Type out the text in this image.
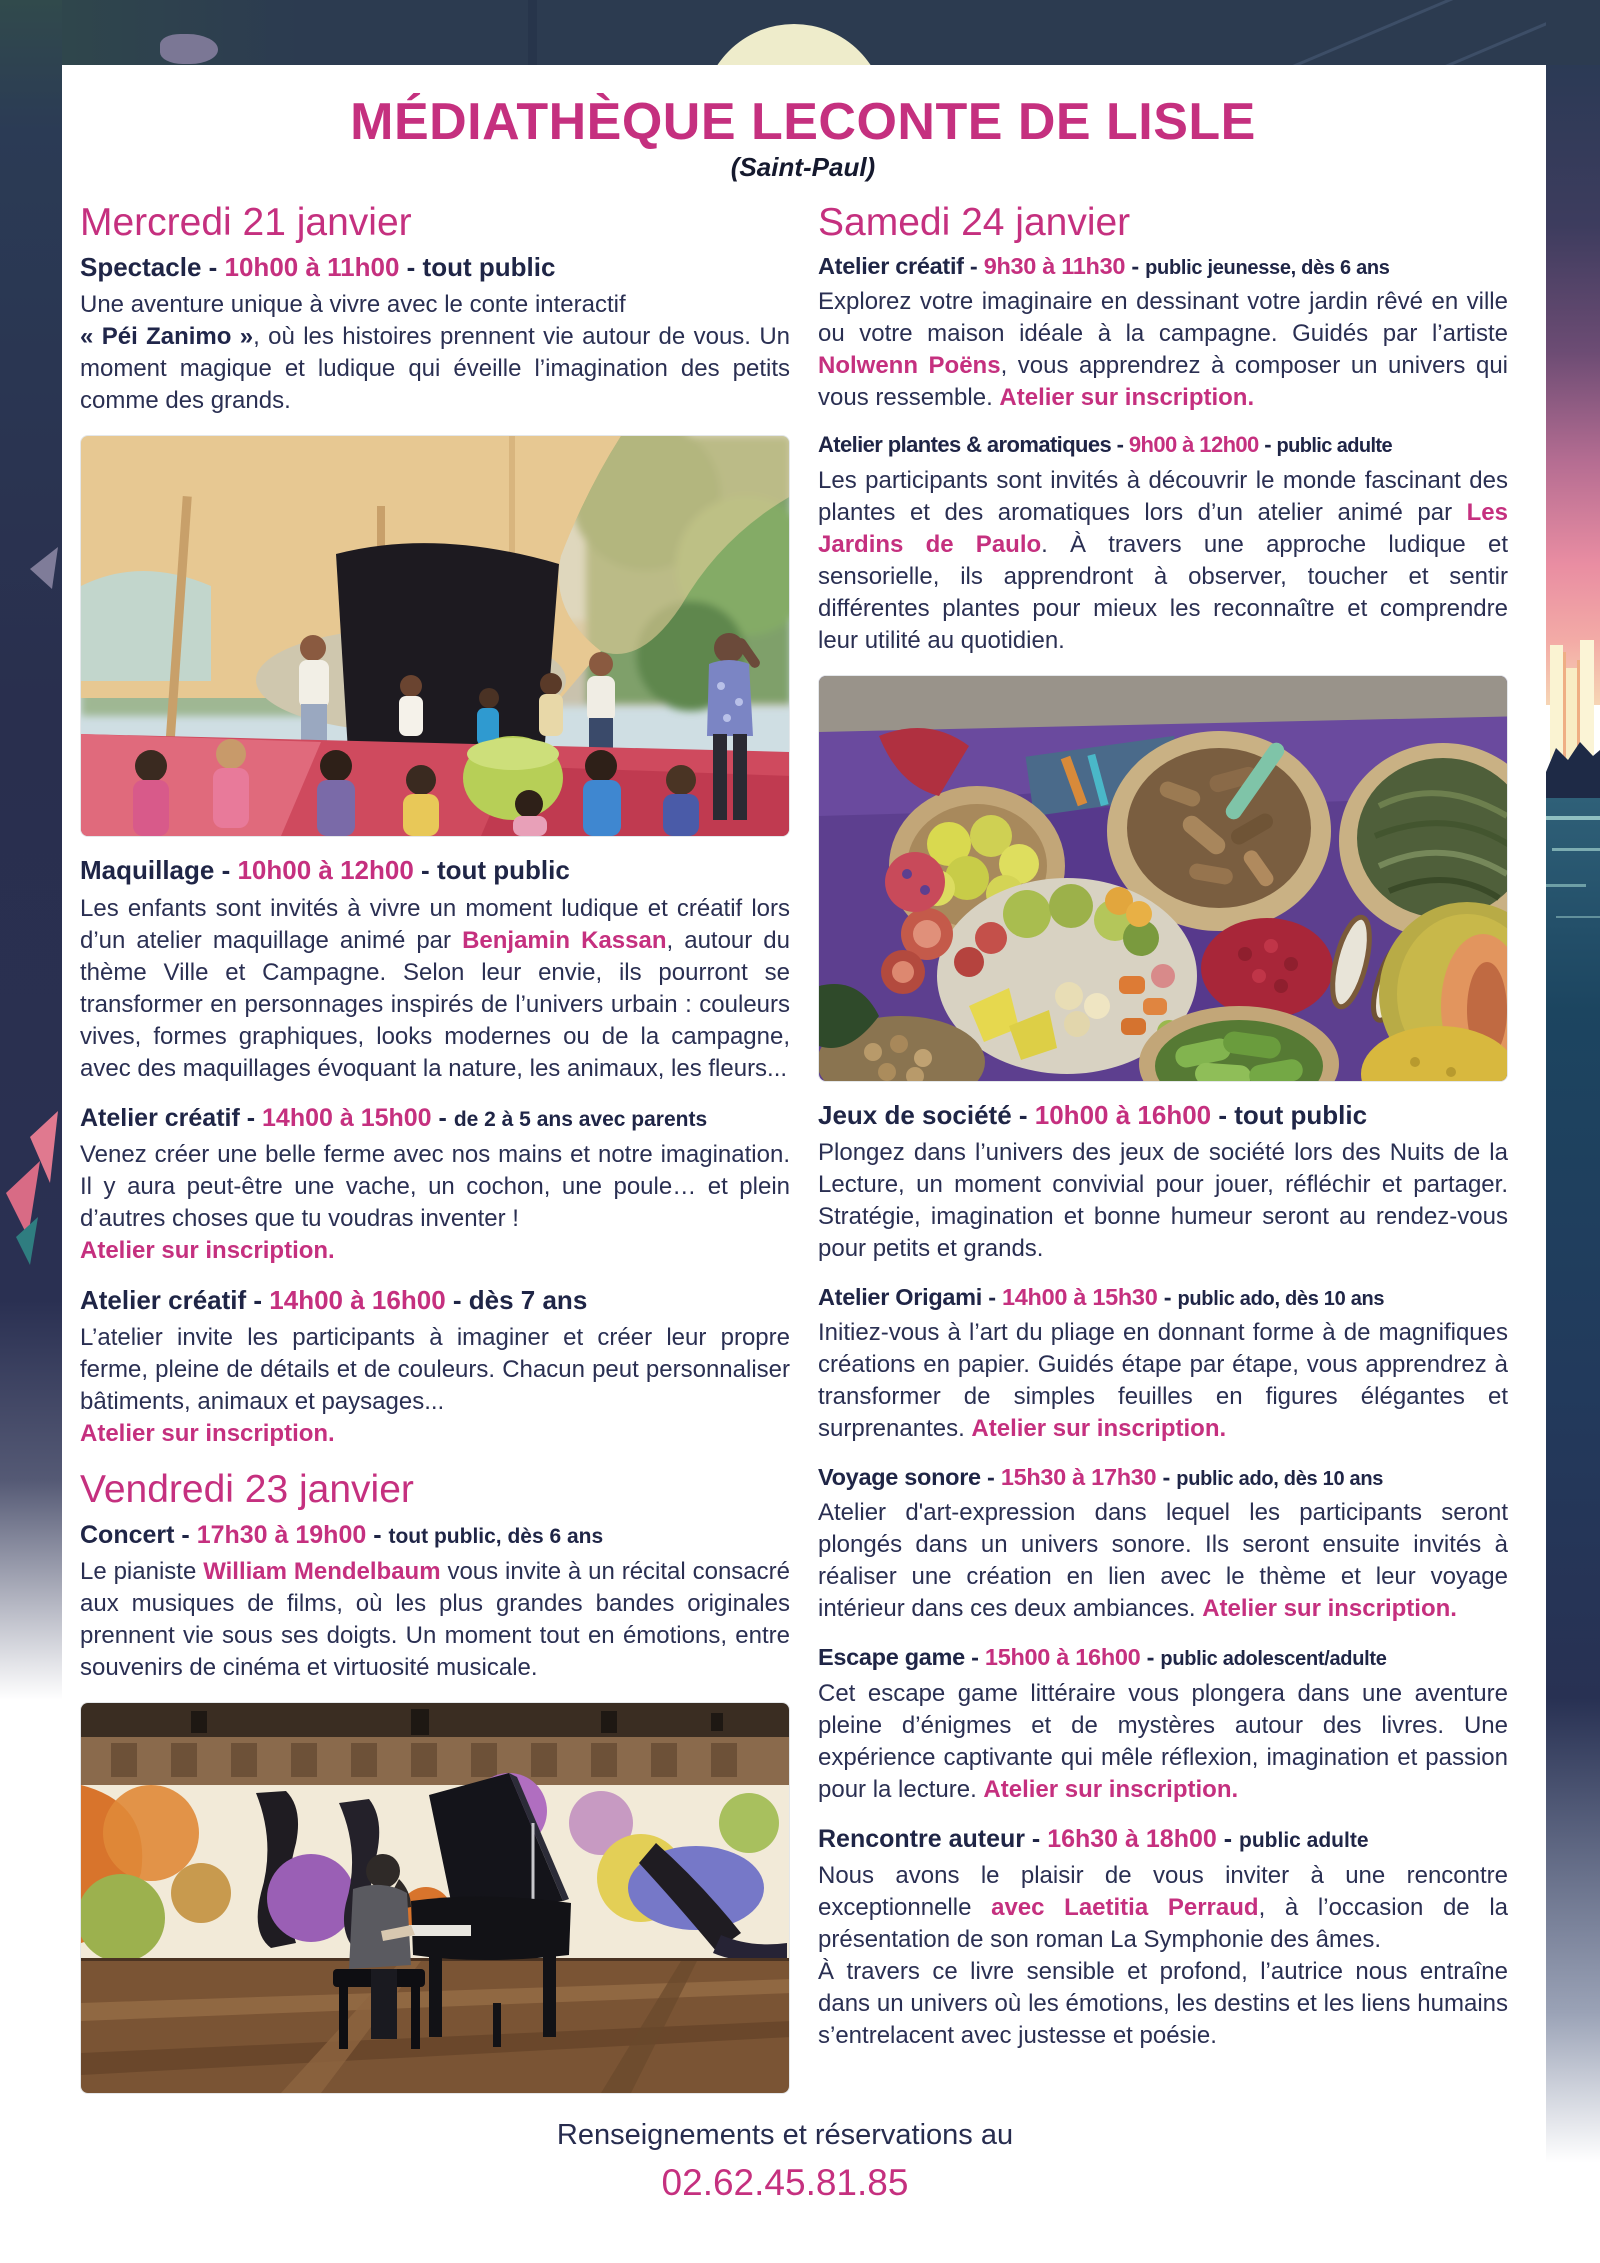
MÉDIATHÈQUE LECONTE DE LISLE
(Saint-Paul)
Mercredi 21 janvier
Spectacle - 10h00 à 11h00 - tout public

Une aventure unique à vivre avec le conte interactif
« Péi Zanimo », où les histoires prennent vie autour de vous. Un moment magique et ludique qui éveille l’imagination des petits comme des grands.

Maquillage - 10h00 à 12h00 - tout public

Les enfants sont invités à vivre un moment ludique et créatif lors d’un atelier maquillage animé par Benjamin Kassan, autour du thème Ville et Campagne. Selon leur envie, ils pourront se transformer en personnages inspirés de l’univers urbain : couleurs vives, formes graphiques, looks modernes ou de la campagne, avec des maquillages évoquant la nature, les animaux, les fleurs...

Atelier créatif - 14h00 à 15h00 - de 2 à 5 ans avec parents

Venez créer une belle ferme avec nos mains et notre imagination. Il y aura peut-être une vache, un cochon, une poule… et plein d’autres choses que tu voudras inventer !
Atelier sur inscription.

Atelier créatif - 14h00 à 16h00 - dès 7 ans

L’atelier invite les participants à imaginer et créer leur propre ferme, pleine de détails et de couleurs. Chacun peut personnaliser bâtiments, animaux et paysages...
Atelier sur inscription.

Vendredi 23 janvier
Concert - 17h30 à 19h00 - tout public, dès 6 ans

Le pianiste William Mendelbaum vous invite à un récital consacré aux musiques de films, où les plus grandes bandes originales prennent vie sous ses doigts. Un moment tout en émotions, entre souvenirs de cinéma et virtuosité musicale.

Samedi 24 janvier
Atelier créatif - 9h30 à 11h30 - public jeunesse, dès 6 ans

Explorez votre imaginaire en dessinant votre jardin rêvé en ville ou votre maison idéale à la campagne. Guidés par l’artiste Nolwenn Poëns, vous apprendrez à composer un univers qui vous ressemble. Atelier sur inscription.

Atelier plantes & aromatiques - 9h00 à 12h00 - public adulte

Les participants sont invités à découvrir le monde fascinant des plantes et des aromatiques lors d’un atelier animé par Les Jardins de Paulo. À travers une approche ludique et sensorielle, ils apprendront à observer, toucher et sentir différentes plantes pour mieux les reconnaître et comprendre leur utilité au quotidien.

Jeux de société - 10h00 à 16h00 - tout public

Plongez dans l’univers des jeux de société lors des Nuits de la Lecture, un moment convivial pour jouer, réfléchir et partager. Stratégie, imagination et bonne humeur seront au rendez-vous pour petits et grands.

Atelier Origami - 14h00 à 15h30 - public ado, dès 10 ans

Initiez-vous à l’art du pliage en donnant forme à de magnifiques créations en papier. Guidés étape par étape, vous apprendrez à transformer de simples feuilles en figures élégantes et surprenantes. Atelier sur inscription.

Voyage sonore - 15h30 à 17h30 - public ado, dès 10 ans

Atelier d'art-expression dans lequel les participants seront plongés dans un univers sonore. Ils seront ensuite invités à réaliser une création en lien avec le thème et leur voyage intérieur dans ces deux ambiances. Atelier sur inscription.

Escape game - 15h00 à 16h00 - public adolescent/adulte

Cet escape game littéraire vous plongera dans une aventure pleine d’énigmes et de mystères autour des livres. Une expérience captivante qui mêle réflexion, imagination et passion pour la lecture. Atelier sur inscription.

Rencontre auteur - 16h30 à 18h00 - public adulte

Nous avons le plaisir de vous inviter à une rencontre exceptionnelle avec Laetitia Perraud, à l’occasion de la présentation de son roman La Symphonie des âmes.
À travers ce livre sensible et profond, l’autrice nous entraîne dans un univers où les émotions, les destins et les liens humains s’entrelacent avec justesse et poésie.

Renseignements et réservations au

02.62.45.81.85
